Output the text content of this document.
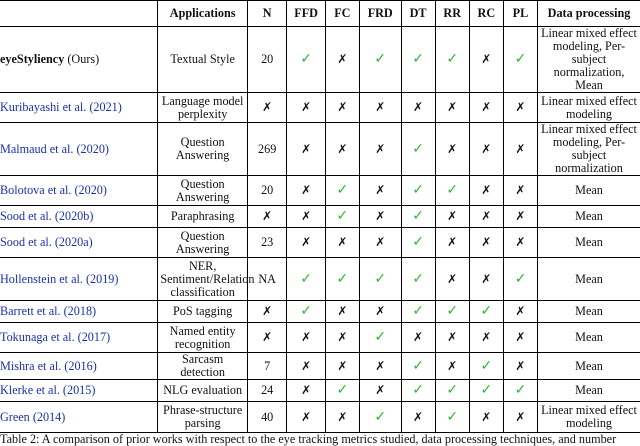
	Applications	N	FFD	FC	FRD	DT	RR	RC	PL	Data processing
eyeStyliency (Ours)	Textual Style	20	✓	✗	✓	✓	✓	✗	✓	Linear mixed effect modeling, Per-subject normalization, Mean
Kuribayashi et al. (2021)	Language model perplexity	✗	✗	✗	✗	✗	✗	✗	✗	Linear mixed effect modeling
Malmaud et al. (2020)	Question Answering	269	✗	✗	✗	✓	✗	✗	✗	Linear mixed effect modeling, Per-subject normalization
Bolotova et al. (2020)	Question Answering	20	✗	✓	✗	✓	✓	✗	✗	Mean
Sood et al. (2020b)	Paraphrasing	✗	✗	✓	✗	✓	✗	✗	✗	Mean
Sood et al. (2020a)	Question Answering	23	✗	✗	✗	✓	✗	✗	✗	Mean
Hollenstein et al. (2019)	NER, Sentiment/Relation classification	NA	✓	✓	✓	✓	✗	✗	✓	Mean
Barrett et al. (2018)	PoS tagging	✗	✓	✗	✗	✓	✓	✓	✗	Mean
Tokunaga et al. (2017)	Named entity recognition	✗	✗	✗	✓	✗	✗	✗	✗	Mean
Mishra et al. (2016)	Sarcasm detection	7	✗	✗	✗	✓	✗	✓	✗	Mean
Klerke et al. (2015)	NLG evaluation	24	✗	✓	✗	✓	✓	✓	✓	Mean
Green (2014)	Phrase-structure parsing	40	✗	✗	✓	✗	✓	✗	✗	Linear mixed effect modeling
Table 2: A comparison of prior works with respect to the eye tracking metrics studied, data processing techniques, and number
